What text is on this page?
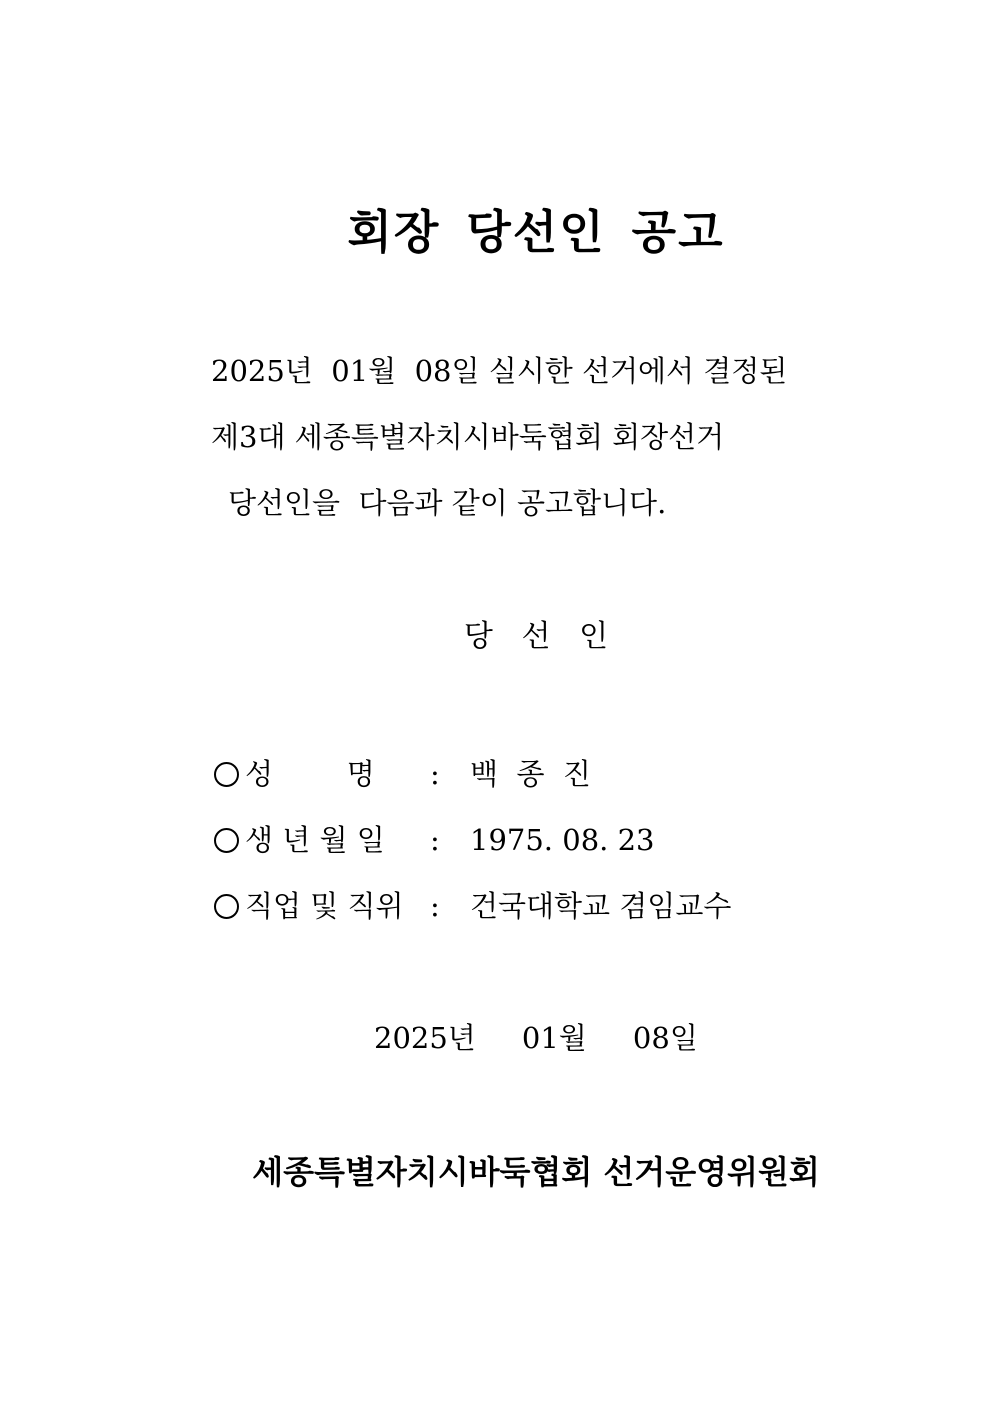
회장 당선인 공고
2025년  01월  08일 실시한 선거에서 결정된
제3대 세종특별자치시바둑협회 회장선거
당선인을  다음과 같이 공고합니다.
당   선   인
성        명	:	백  종  진
생 년 월 일	:	1975. 08. 23
직업 및 직위 :	건국대학교 겸임교수
2025년     01월     08일
세종특별자치시바둑협회 선거운영위원회
